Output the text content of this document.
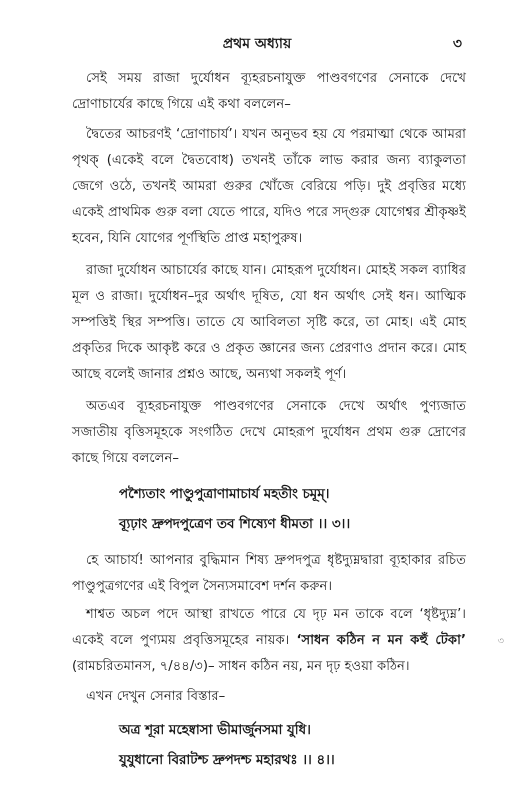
প্রথম অধ্যায়	৩

সেই সময় রাজা দুর্যোধন ব্যূহরচনাযুক্ত পাণ্ডবগণের সেনাকে দেখে দ্রোণাচার্যের কাছে গিয়ে এই কথা বললেন–

দ্বৈতের আচরণই ‘দ্রোণাচার্য’। যখন অনুভব হয় যে পরমাত্মা থেকে আমরা পৃথক্ (একেই বলে দ্বৈতবোধ) তখনই তাঁকে লাভ করার জন্য ব্যাকুলতা জেগে ওঠে, তখনই আমরা গুরুর খোঁজে বেরিয়ে পড়ি। দুই প্রবৃত্তির মধ্যে একেই প্রাথমিক গুরু বলা যেতে পারে, যদিও পরে সদ্গুরু যোগেশ্বর শ্রীকৃষ্ণই হবেন, যিনি যোগের পূর্ণস্থিতি প্রাপ্ত মহাপুরুষ।

রাজা দুর্যোধন আচার্যের কাছে যান। মোহরূপ দুর্যোধন। মোহই সকল ব্যাধির মূল ও রাজা। দুর্যোধন–দুর অর্থাৎ দূষিত, যো ধন অর্থাৎ সেই ধন। আত্মিক সম্পত্তিই স্থির সম্পত্তি। তাতে যে আবিলতা সৃষ্টি করে, তা মোহ। এই মোহ প্রকৃতির দিকে আকৃষ্ট করে ও প্রকৃত জ্ঞানের জন্য প্রেরণাও প্রদান করে। মোহ আছে বলেই জানার প্রশ্নও আছে, অন্যথা সকলই পূর্ণ।

অতএব ব্যূহরচনাযুক্ত পাণ্ডবগণের সেনাকে দেখে অর্থাৎ পুণ্যজাত সজাতীয় বৃত্তিসমূহকে সংগঠিত দেখে মোহরূপ দুর্যোধন প্রথম গুরু দ্রোণের কাছে গিয়ে বললেন–

পশ্যৈতাং পাণ্ডুপুত্রাণামাচার্য মহতীং চমূম্।
ব্যূঢ়াং দ্রুপদপুত্রেণ তব শিষ্যেণ ধীমতা ।। ৩।।

হে আচার্য! আপনার বুদ্ধিমান শিষ্য দ্রুপদপুত্র ধৃষ্টদ্যুম্নদ্বারা ব্যূহাকার রচিত পাণ্ডুপুত্রগণের এই বিপুল সৈন্যসমাবেশ দর্শন করুন।

শাশ্বত অচল পদে আস্থা রাখতে পারে যে দৃঢ় মন তাকে বলে ‘ধৃষ্টদ্যুম্ন’। একেই বলে পুণ্যময় প্রবৃত্তিসমূহের নায়ক। ‘সাধন কঠিন ন মন কহুঁ টেকা’ (রামচরিতমানস, ৭/৪৪/৩)– সাধন কঠিন নয়, মন দৃঢ় হওয়া কঠিন।

এখন দেখুন সেনার বিস্তার–

অত্র শূরা মহেষ্বাসা ভীমার্জুনসমা যুধি।
যুযুধানো বিরাটশ্চ দ্রুপদশ্চ মহারথঃ ।। ৪।।
৩
